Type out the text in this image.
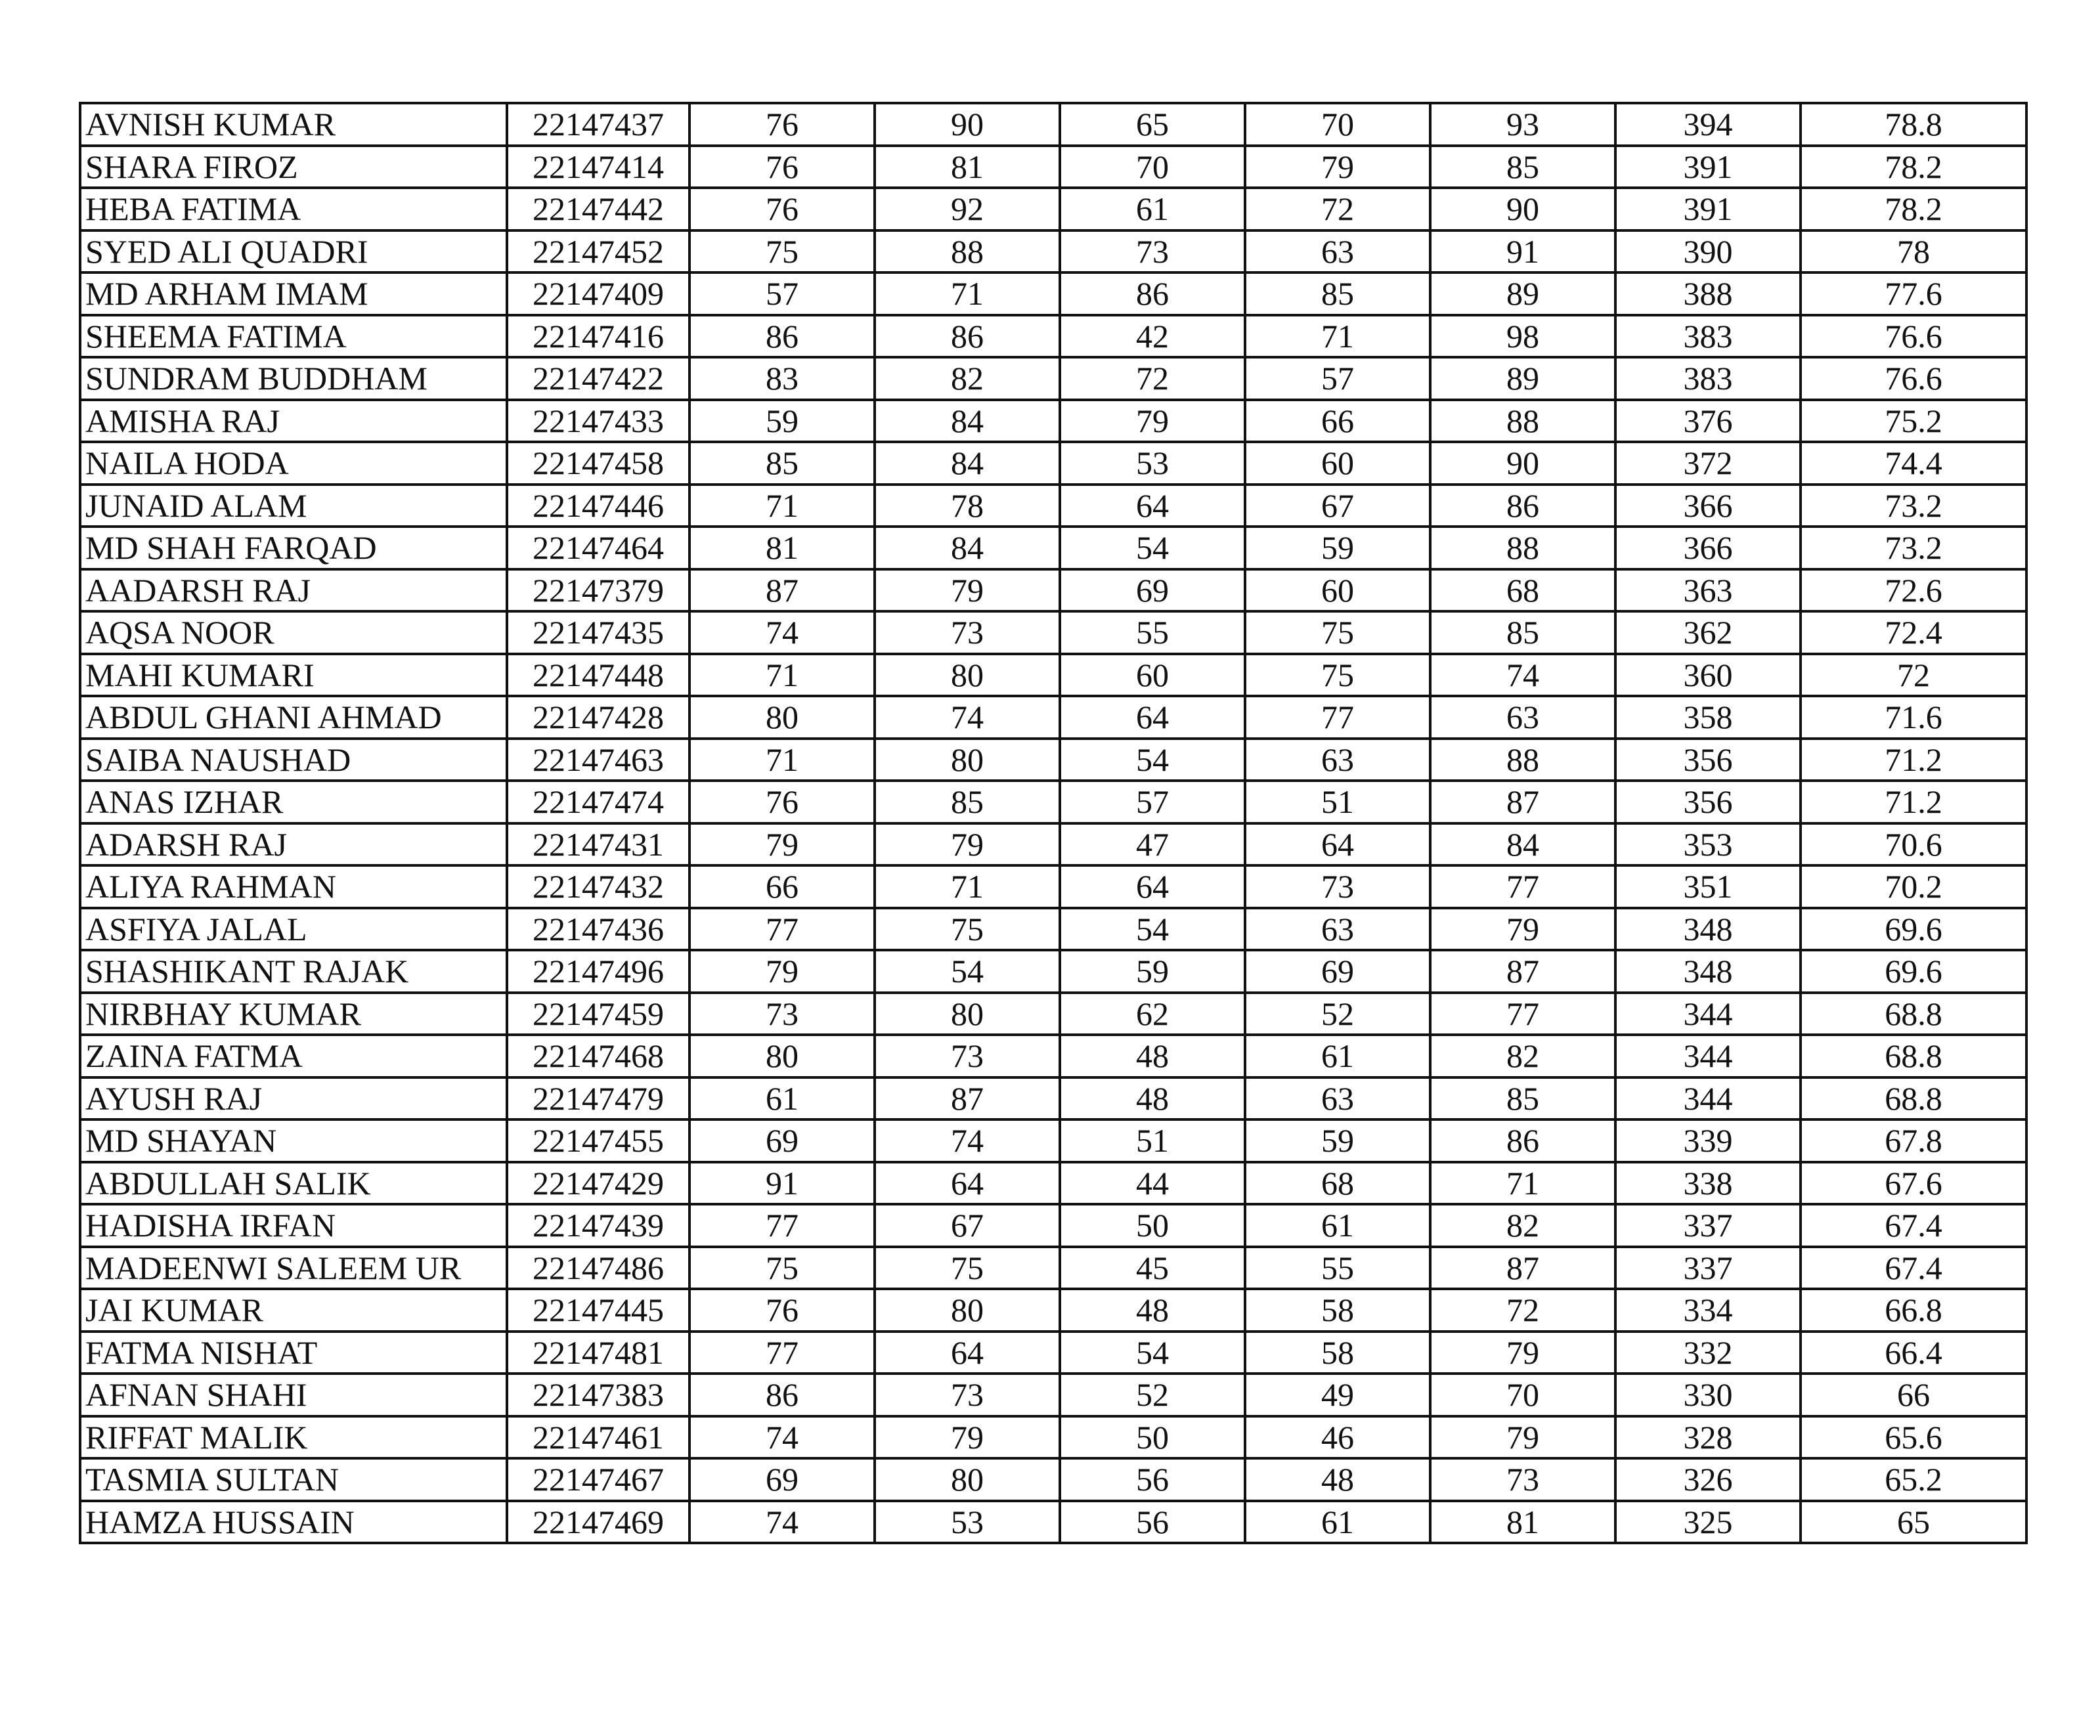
AVNISH KUMAR	22147437	76	90	65	70	93	394	78.8
SHARA FIROZ	22147414	76	81	70	79	85	391	78.2
HEBA FATIMA	22147442	76	92	61	72	90	391	78.2
SYED ALI QUADRI	22147452	75	88	73	63	91	390	78
MD ARHAM IMAM	22147409	57	71	86	85	89	388	77.6
SHEEMA FATIMA	22147416	86	86	42	71	98	383	76.6
SUNDRAM BUDDHAM	22147422	83	82	72	57	89	383	76.6
AMISHA RAJ	22147433	59	84	79	66	88	376	75.2
NAILA HODA	22147458	85	84	53	60	90	372	74.4
JUNAID ALAM	22147446	71	78	64	67	86	366	73.2
MD SHAH FARQAD	22147464	81	84	54	59	88	366	73.2
AADARSH RAJ	22147379	87	79	69	60	68	363	72.6
AQSA NOOR	22147435	74	73	55	75	85	362	72.4
MAHI KUMARI	22147448	71	80	60	75	74	360	72
ABDUL GHANI AHMAD	22147428	80	74	64	77	63	358	71.6
SAIBA NAUSHAD	22147463	71	80	54	63	88	356	71.2
ANAS IZHAR	22147474	76	85	57	51	87	356	71.2
ADARSH RAJ	22147431	79	79	47	64	84	353	70.6
ALIYA RAHMAN	22147432	66	71	64	73	77	351	70.2
ASFIYA JALAL	22147436	77	75	54	63	79	348	69.6
SHASHIKANT RAJAK	22147496	79	54	59	69	87	348	69.6
NIRBHAY KUMAR	22147459	73	80	62	52	77	344	68.8
ZAINA FATMA	22147468	80	73	48	61	82	344	68.8
AYUSH RAJ	22147479	61	87	48	63	85	344	68.8
MD SHAYAN	22147455	69	74	51	59	86	339	67.8
ABDULLAH SALIK	22147429	91	64	44	68	71	338	67.6
HADISHA IRFAN	22147439	77	67	50	61	82	337	67.4
MADEENWI SALEEM UR	22147486	75	75	45	55	87	337	67.4
JAI KUMAR	22147445	76	80	48	58	72	334	66.8
FATMA NISHAT	22147481	77	64	54	58	79	332	66.4
AFNAN SHAHI	22147383	86	73	52	49	70	330	66
RIFFAT MALIK	22147461	74	79	50	46	79	328	65.6
TASMIA SULTAN	22147467	69	80	56	48	73	326	65.2
HAMZA HUSSAIN	22147469	74	53	56	61	81	325	65
